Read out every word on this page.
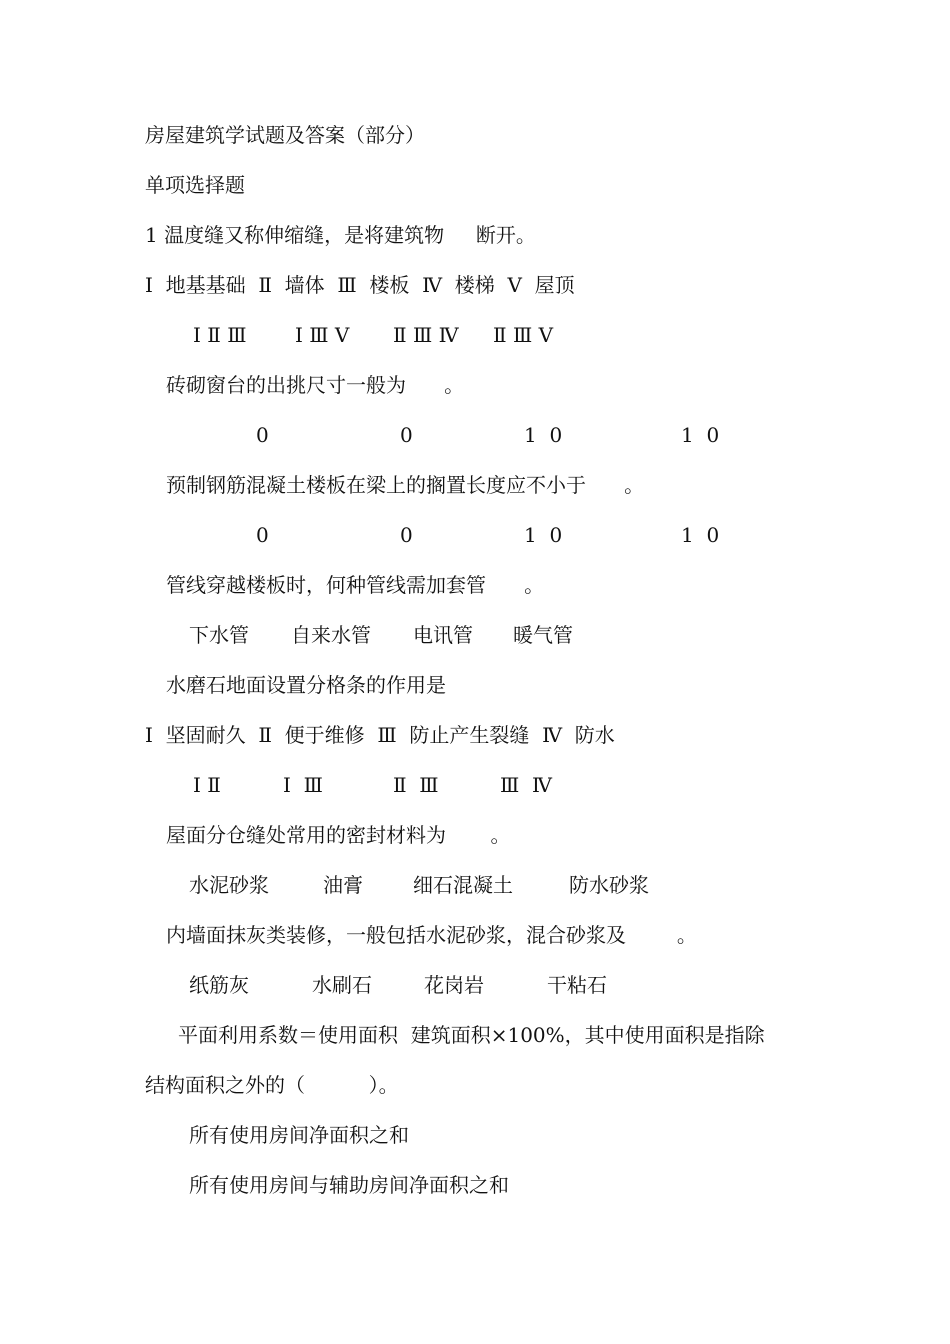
房屋建筑学试题及答案（部分）

单项选择题

1 温度缝又称伸缩缝，是将建筑物     断开。

Ⅰ  地基基础  Ⅱ  墙体  Ⅲ  楼板  Ⅳ  楼梯  Ⅴ  屋顶

Ⅰ Ⅱ Ⅲ Ⅰ Ⅲ Ⅴ Ⅱ Ⅲ Ⅳ Ⅱ Ⅲ Ⅴ

砖砌窗台的出挑尺寸一般为      。

0	0	1  0	1  0

预制钢筋混凝土楼板在梁上的搁置长度应不小于      。

0	0	1  0	1  0

管线穿越楼板时，何种管线需加套管      。

下水管 自来水管 电讯管 暖气管

水磨石地面设置分格条的作用是

Ⅰ  坚固耐久  Ⅱ  便于维修  Ⅲ  防止产生裂缝  Ⅳ  防水

Ⅰ Ⅱ	Ⅰ  Ⅲ	Ⅱ  Ⅲ	Ⅲ  Ⅳ

屋面分仓缝处常用的密封材料为       。

水泥砂浆	油膏	细石混凝土	防水砂浆

内墙面抹灰类装修，一般包括水泥砂浆，混合砂浆及        。

纸筋灰	水刷石	花岗岩	干粘石

平面利用系数＝使用面积  建筑面积×100%，其中使用面积是指除

结构面积之外的（          ）。

所有使用房间净面积之和

所有使用房间与辅助房间净面积之和
